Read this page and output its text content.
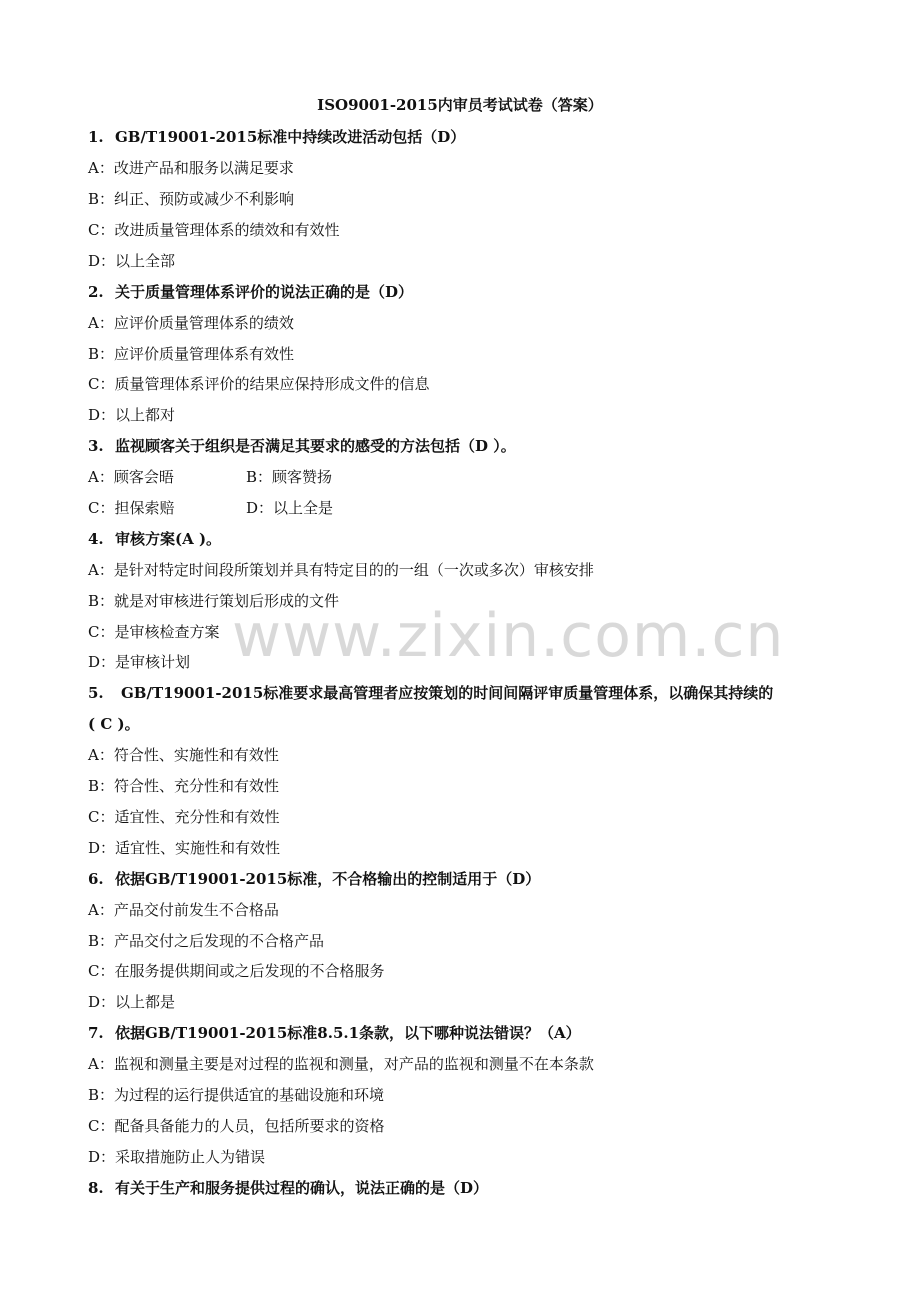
ISO9001-2015内审员考试试卷（答案）
1. GB/T19001-2015标准中持续改进活动包括（D）
A：改进产品和服务以满足要求
B：纠正、预防或减少不利影响
C：改进质量管理体系的绩效和有效性
D：以上全部
2. 关于质量管理体系评价的说法正确的是（D）
A：应评价质量管理体系的绩效
B：应评价质量管理体系有效性
C：质量管理体系评价的结果应保持形成文件的信息
D：以上都对
3. 监视顾客关于组织是否满足其要求的感受的方法包括（D ）。
A：顾客会晤	B：顾客赞扬
C：担保索赔	D：以上全是
4. 审核方案(A )。
A：是针对特定时间段所策划并具有特定目的的一组（一次或多次）审核安排
B：就是对审核进行策划后形成的文件
C：是审核检查方案
D：是审核计划
5. GB/T19001-2015标准要求最高管理者应按策划的时间间隔评审质量管理体系，以确保其持续的
( C )。
A：符合性、实施性和有效性
B：符合性、充分性和有效性
C：适宜性、充分性和有效性
D：适宜性、实施性和有效性
6. 依据GB/T19001-2015标准，不合格输出的控制适用于（D）
A：产品交付前发生不合格品
B：产品交付之后发现的不合格产品
C：在服务提供期间或之后发现的不合格服务
D：以上都是
7. 依据GB/T19001-2015标准8.5.1条款，以下哪种说法错误？（A）
A：监视和测量主要是对过程的监视和测量，对产品的监视和测量不在本条款
B：为过程的运行提供适宜的基础设施和环境
C：配备具备能力的人员，包括所要求的资格
D：采取措施防止人为错误
8. 有关于生产和服务提供过程的确认，说法正确的是（D）
www.zixin.com.cn
